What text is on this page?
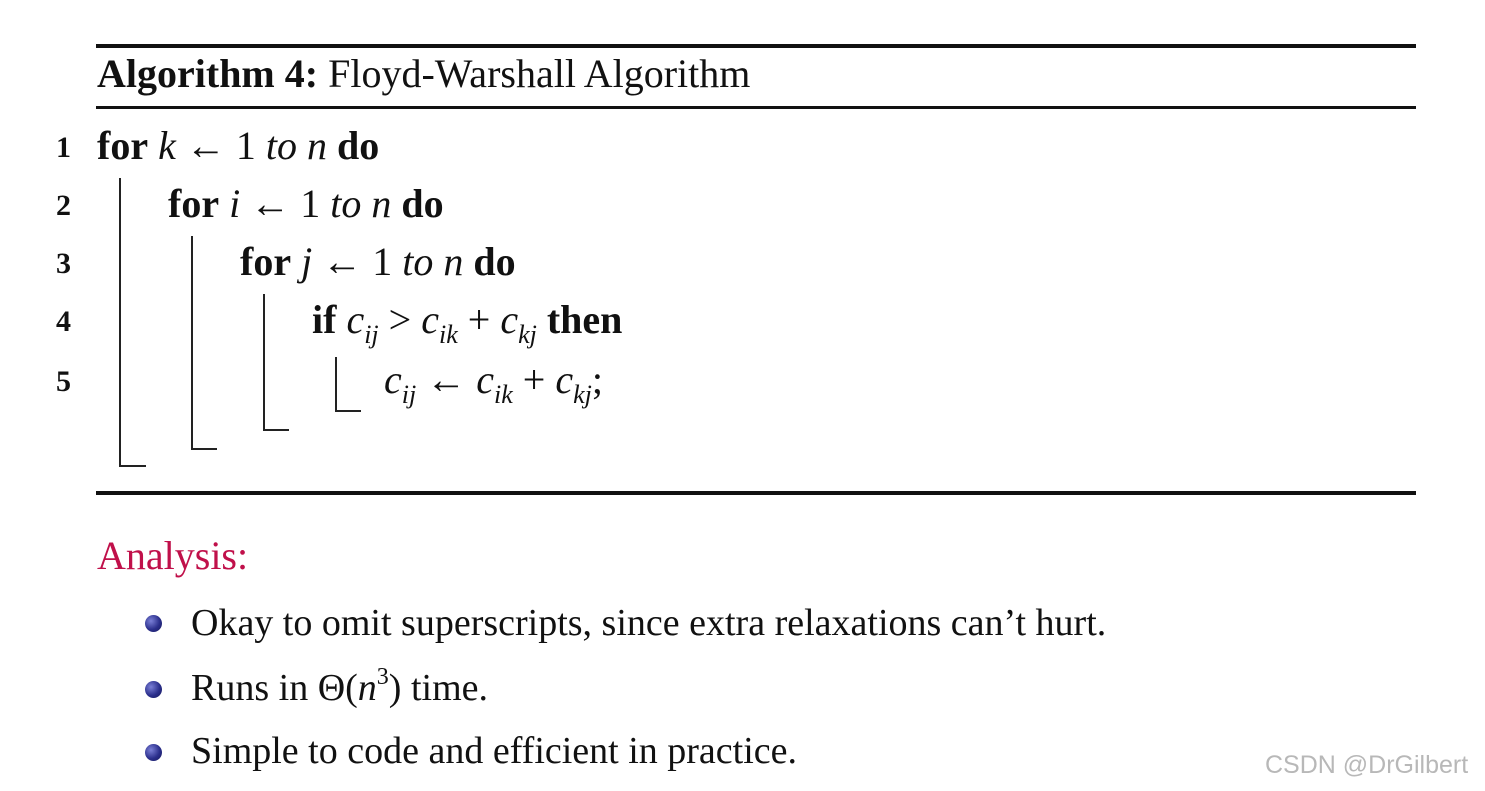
Algorithm 4: Floyd-Warshall Algorithm
1
2
3
4
5
for k ← 1 to n do
for i ← 1 to n do
for j ← 1 to n do
if $c_{ij} > c_{ik} + c_{kj}$ then
$c_{ij}$ ← $c_{ik} + c_{kj}$;
Analysis:
Okay to omit superscripts, since extra relaxations can’t hurt.
Runs in $\Theta(n^3)$ time.
Simple to code and efficient in practice.	CSDN @DrGilbert
